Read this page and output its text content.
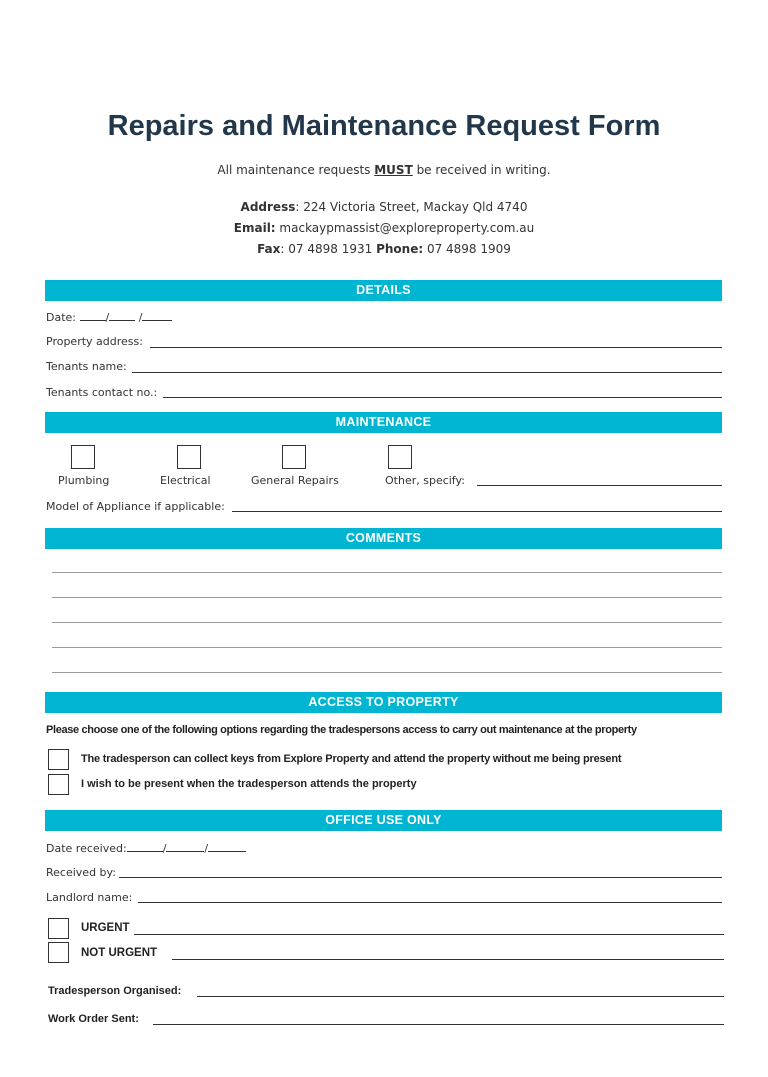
Repairs and Maintenance Request Form
All maintenance requests MUST be received in writing.
Address: 224 Victoria Street, Mackay Qld 4740
Email: mackaypmassist@exploreproperty.com.au
Fax: 07 4898 1931 Phone: 07 4898 1909
DETAILS
Date:	/	/
Property address:
Tenants name:
Tenants contact no.:
MAINTENANCE
Plumbing	Electrical	General Repairs	Other, specify:
Model of Appliance if applicable:
COMMENTS
ACCESS TO PROPERTY
Please choose one of the following options regarding the tradespersons access to carry out maintenance at the property
The tradesperson can collect keys from Explore Property and attend the property without me being present
I wish to be present when the tradesperson attends the property
OFFICE USE ONLY
Date received:	/	/
Received by:
Landlord name:
URGENT
NOT URGENT
Tradesperson Organised:
Work Order Sent:
